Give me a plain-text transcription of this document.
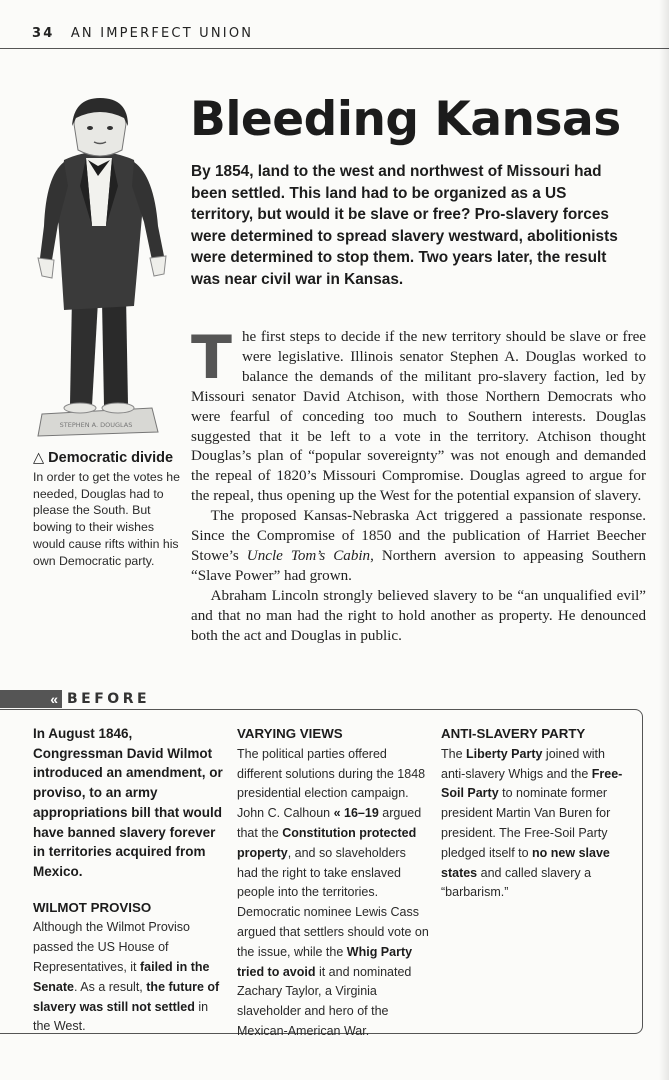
34 AN IMPERFECT UNION
STEPHEN A. DOUGLAS
△ Democratic divide
In order to get the votes he needed, Douglas had to please the South. But bowing to their wishes would cause rifts within his own Democratic party.
Bleeding Kansas

By 1854, land to the west and northwest of Missouri had been settled. This land had to be organized as a US territory, but would it be slave or free? Pro-slavery forces were determined to spread slavery westward, abolitionists were determined to stop them. Two years later, the result was near civil war in Kansas.

The first steps to decide if the new territory should be slave or free were legislative. Illinois senator Stephen A. Douglas worked to balance the demands of the militant pro-slavery faction, led by Missouri senator David Atchison, with those Northern Democrats who were fearful of conceding too much to Southern interests. Douglas suggested that it be left to a vote in the territory. Atchison thought Douglas’s plan of “popular sovereignty” was not enough and demanded the repeal of 1820’s Missouri Compromise. Douglas agreed to argue for the repeal, thus opening up the West for the potential expansion of slavery.

The proposed Kansas-Nebraska Act triggered a passionate response. Since the Compromise of 1850 and the publication of Harriet Beecher Stowe’s Uncle Tom’s Cabin, Northern aversion to appeasing Southern “Slave Power” had grown.

Abraham Lincoln strongly believed slavery to be “an unqualified evil” and that no man had the right to hold another as property. He denounced both the act and Douglas in public.

« BEFORE

In August 1846, Congressman David Wilmot introduced an amendment, or proviso, to an army appropriations bill that would have banned slavery forever in territories acquired from Mexico.

WILMOT PROVISO

Although the Wilmot Proviso passed the US House of Representatives, it failed in the Senate. As a result, the future of slavery was still not settled in the West.

VARYING VIEWS

The political parties offered different solutions during the 1848 presidential election campaign. John C. Calhoun « 16–19 argued that the Constitution protected property, and so slaveholders had the right to take enslaved people into the territories. Democratic nominee Lewis Cass argued that settlers should vote on the issue, while the Whig Party tried to avoid it and nominated Zachary Taylor, a Virginia slaveholder and hero of the Mexican-American War.

ANTI-SLAVERY PARTY

The Liberty Party joined with anti-slavery Whigs and the Free-Soil Party to nominate former president Martin Van Buren for president. The Free-Soil Party pledged itself to no new slave states and called slavery a “barbarism.”
